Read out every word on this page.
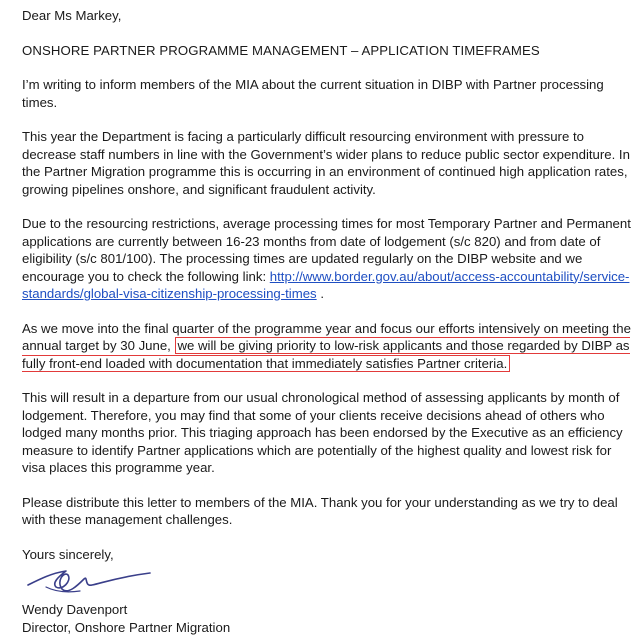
Dear Ms Markey,

ONSHORE PARTNER PROGRAMME MANAGEMENT – APPLICATION TIMEFRAMES

I’m writing to inform members of the MIA about the current situation in DIBP with Partner processing times.

This year the Department is facing a particularly difficult resourcing environment with pressure to decrease staff numbers in line with the Government’s wider plans to reduce public sector expenditure. In the Partner Migration programme this is occurring in an environment of continued high application rates, growing pipelines onshore, and significant fraudulent activity.

Due to the resourcing restrictions, average processing times for most Temporary Partner and Permanent applications are currently between 16-23 months from date of lodgement (s/c 820) and from date of eligibility (s/c 801/100). The processing times are updated regularly on the DIBP website and we encourage you to check the following link: http://www.border.gov.au/about/access-accountability/service-standards/global-visa-citizenship-processing-times .

As we move into the final quarter of the programme year and focus our efforts intensively on meeting the annual target by 30 June, we will be giving priority to low-risk applicants and those regarded by DIBP as fully front-end loaded with documentation that immediately satisfies Partner criteria.

This will result in a departure from our usual chronological method of assessing applicants by month of lodgement. Therefore, you may find that some of your clients receive decisions ahead of others who lodged many months prior. This triaging approach has been endorsed by the Executive as an efficiency measure to identify Partner applications which are potentially of the highest quality and lowest risk for visa places this programme year.

Please distribute this letter to members of the MIA. Thank you for your understanding as we try to deal with these management challenges.

Yours sincerely,

Wendy Davenport

Director, Onshore Partner Migration
